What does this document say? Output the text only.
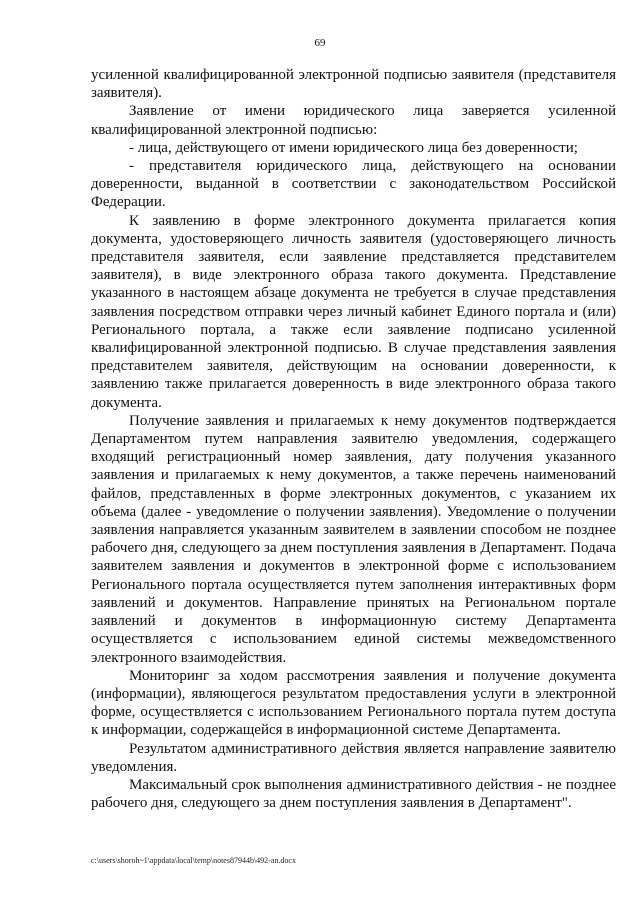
69

усиленной квалифицированной электронной подписью заявителя (представителя заявителя).

Заявление от имени юридического лица заверяется усиленной квалифицированной электронной подписью:

- лица, действующего от имени юридического лица без доверенности;

- представителя юридического лица, действующего на основании доверенности, выданной в соответствии с законодательством Российской Федерации.

К заявлению в форме электронного документа прилагается копия документа, удостоверяющего личность заявителя (удостоверяющего личность представителя заявителя, если заявление представляется представителем заявителя), в виде электронного образа такого документа. Представление указанного в настоящем абзаце документа не требуется в случае представления заявления посредством отправки через личный кабинет Единого портала и (или) Регионального портала, а также если заявление подписано усиленной квалифицированной электронной подписью. В случае представления заявления представителем заявителя, действующим на основании доверенности, к заявлению также прилагается доверенность в виде электронного образа такого документа.

Получение заявления и прилагаемых к нему документов подтверждается Департаментом путем направления заявителю уведомления, содержащего входящий регистрационный номер заявления, дату получения указанного заявления и прилагаемых к нему документов, а также перечень наименований файлов, представленных в форме электронных документов, с указанием их объема (далее - уведомление о получении заявления). Уведомление о получении заявления направляется указанным заявителем в заявлении способом не позднее рабочего дня, следующего за днем поступления заявления в Департамент. Подача заявителем заявления и документов в электронной форме с использованием Регионального портала осуществляется путем заполнения интерактивных форм заявлений и документов. Направление принятых на Региональном портале заявлений и документов в информационную систему Департамента осуществляется с использованием единой системы межведомственного электронного взаимодействия.

Мониторинг за ходом рассмотрения заявления и получение документа (информации), являющегося результатом предоставления услуги в электронной форме, осуществляется с использованием Регионального портала путем доступа к информации, содержащейся в информационной системе Департамента.

Результатом административного действия является направление заявителю уведомления.

Максимальный срок выполнения административного действия - не позднее рабочего дня, следующего за днем поступления заявления в Департамент".

c:\users\shoroh~1\appdata\local\temp\notes87944b\492-an.docx
